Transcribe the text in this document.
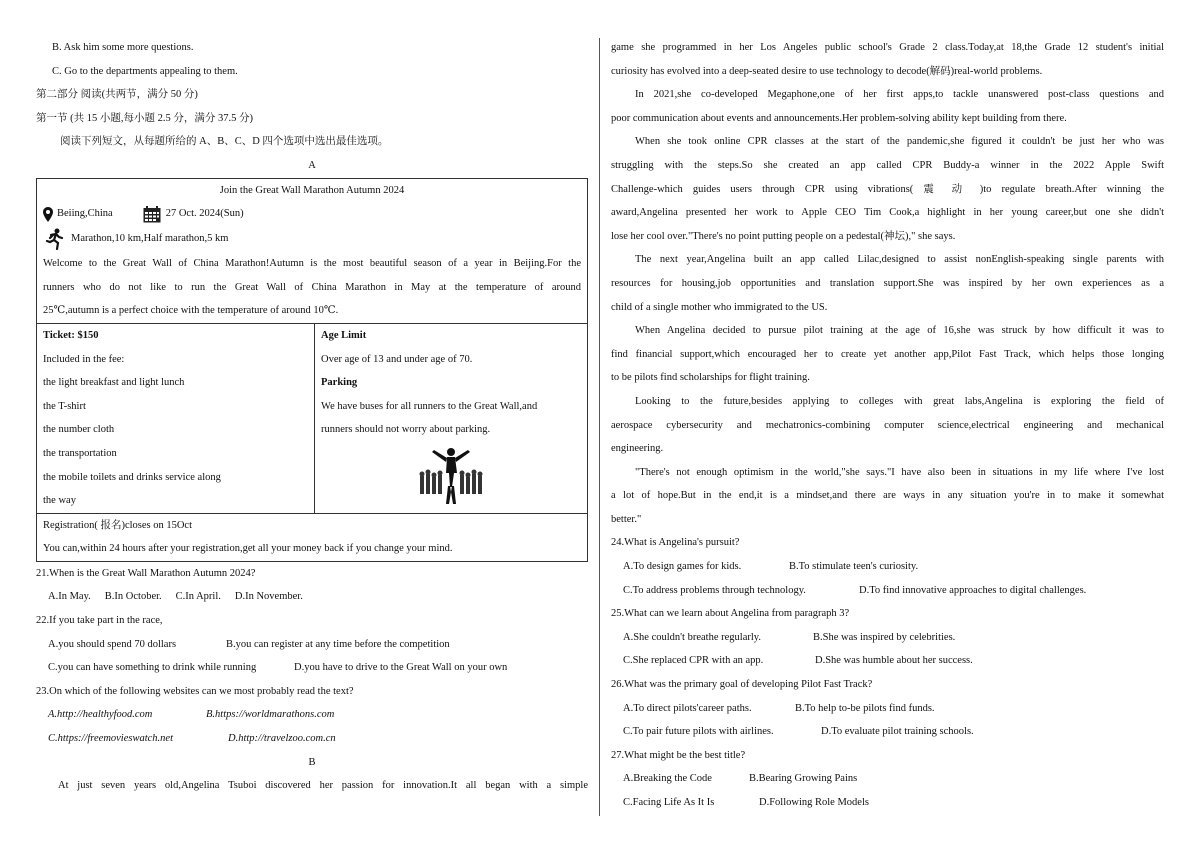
B. Ask him some more questions.
C. Go to the departments appealing to them.
第二部分 阅读(共两节，满分 50 分)
第一节 (共 15 小题,每小题 2.5 分，满分 37.5 分)
阅读下列短文，从每题所给的 A、B、C、D 四个选项中选出最佳选项。
A
Join the Great Wall Marathon Autumn 2024
Beiing,China	27 Oct. 2024(Sun)
Marathon,10 km,Half marathon,5 km
Welcome to the Great Wall of China Marathon!Autumn is the most beautiful season of a year in Beijing.For the
runners who do not like to run the Great Wall of China Marathon in May at the temperature of around
25℃,autumn is a perfect choice with the temperature of around 10℃.
Ticket: $150
Included in the fee:
the light breakfast and light lunch
the T-shirt
the number cloth
the transportation
the mobile toilets and drinks service along
the way
Age Limit
Over age of 13 and under age of 70.
Parking
We have buses for all runners to the Great Wall,and
runners should not worry about parking.
Registration( 报名)closes on 15Oct
You can,within 24 hours after your registration,get all your money back if you change your mind.
21.When is the Great Wall Marathon Autumn 2024?
A.In May. B.In October. C.In April. D.In November.
22.If you take part in the race,
A.you should spend 70 dollars	B.you can register at any time before the competition
C.you can have something to drink while running	D.you have to drive to the Great Wall on your own
23.On which of the following websites can we most probably read the text?
A.http://healthyfood.com	B.https://worldmarathons.com
C.https://freemovieswatch.net	D.http://travelzoo.com.cn
B
At just seven years old,Angelina Tsuboi discovered her passion for innovation.It all began with a simple
game she programmed in her Los Angeles public school's Grade 2 class.Today,at 18,the Grade 12 student's initial
curiosity has evolved into a deep-seated desire to use technology to decode(解码)real-world problems.
In 2021,she co-developed Megaphone,one of her first apps,to tackle unanswered post-class questions and
poor communication about events and announcements.Her problem-solving ability kept building from there.
When she took online CPR classes at the start of the pandemic,she figured it couldn't be just her who was
struggling with the steps.So she created an app called CPR Buddy-a winner in the 2022 Apple Swift
Challenge-which guides users through CPR using vibrations( 震 动 )to regulate breath.After winning the
award,Angelina presented her work to Apple CEO Tim Cook,a highlight in her young career,but one she didn't
lose her cool over."There's no point putting people on a pedestal(神坛)," she says.
The next year,Angelina built an app called Lilac,designed to assist nonEnglish-speaking single parents with
resources for housing,job opportunities and translation support.She was inspired by her own experiences as a
child of a single mother who immigrated to the US.
When Angelina decided to pursue pilot training at the age of 16,she was struck by how difficult it was to
find financial support,which encouraged her to create yet another app,Pilot Fast Track, which helps those longing
to be pilots find scholarships for flight training.
Looking to the future,besides applying to colleges with great labs,Angelina is exploring the field of
aerospace cybersecurity and mechatronics-combining computer science,electrical engineering and mechanical
engineering.
"There's not enough optimism in the world,"she says."I have also been in situations in my life where I've lost
a lot of hope.But in the end,it is a mindset,and there are ways in any situation you're in to make it somewhat
better."
24.What is Angelina's pursuit?
A.To design games for kids.	B.To stimulate teen's curiosity.
C.To address problems through technology.	D.To find innovative approaches to digital challenges.
25.What can we learn about Angelina from paragraph 3?
A.She couldn't breathe regularly.	B.She was inspired by celebrities.
C.She replaced CPR with an app.	D.She was humble about her success.
26.What was the primary goal of developing Pilot Fast Track?
A.To direct pilots'career paths.	B.To help to-be pilots find funds.
C.To pair future pilots with airlines.	D.To evaluate pilot training schools.
27.What might be the best title?
A.Breaking the Code	B.Bearing Growing Pains
C.Facing Life As It Is	D.Following Role Models
